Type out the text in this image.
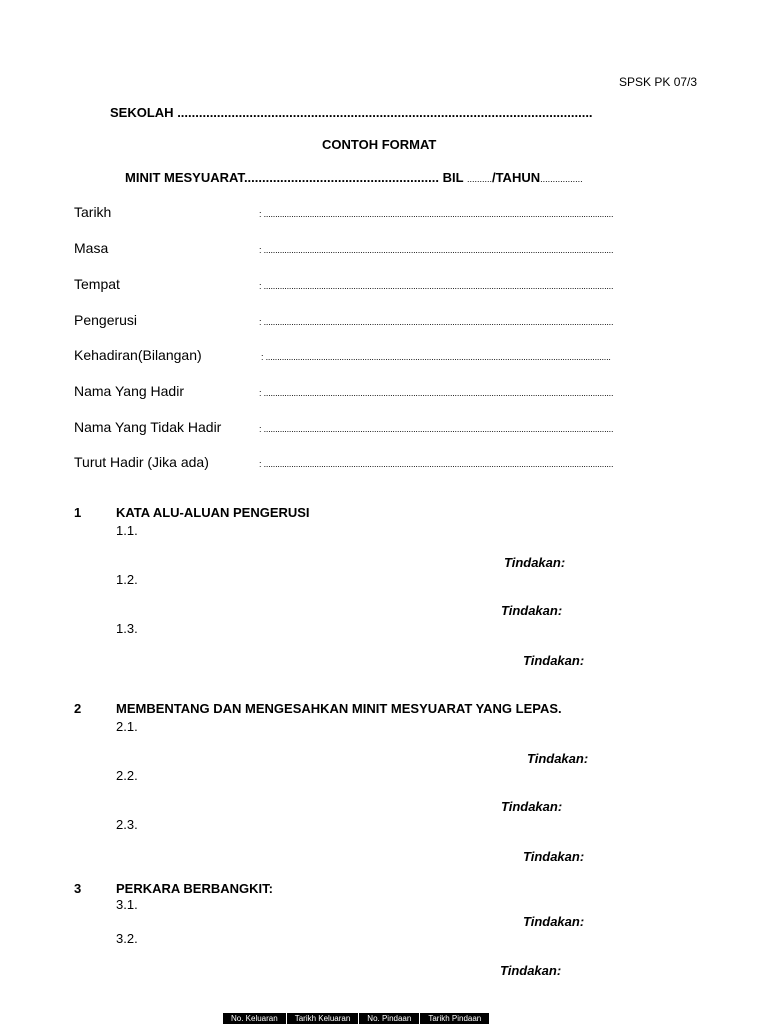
SPSK PK 07/3
SEKOLAH ...................................................................................................................
CONTOH FORMAT
MINIT MESYUARAT...................................................... BIL ........../TAHUN.................
Tarikh	: ........................................................................................................................................................
Masa	: ........................................................................................................................................................
Tempat	: ........................................................................................................................................................
Pengerusi	: ........................................................................................................................................................
Kehadiran(Bilangan)	: ......................................................................................................................................................
Nama Yang Hadir	: ........................................................................................................................................................
Nama Yang Tidak Hadir	: ........................................................................................................................................................
Turut Hadir (Jika ada)	: ........................................................................................................................................................
1	KATA ALU-ALUAN PENGERUSI
1.1.
Tindakan:
1.2.
Tindakan:
1.3.
Tindakan:
2	MEMBENTANG DAN MENGESAHKAN MINIT MESYUARAT YANG LEPAS.
2.1.
Tindakan:
2.2.
Tindakan:
2.3.
Tindakan:
3	PERKARA BERBANGKIT:
3.1.
Tindakan:
3.2.
Tindakan:
No. Keluaran	Tarikh Keluaran	No. Pindaan	Tarikh Pindaan
